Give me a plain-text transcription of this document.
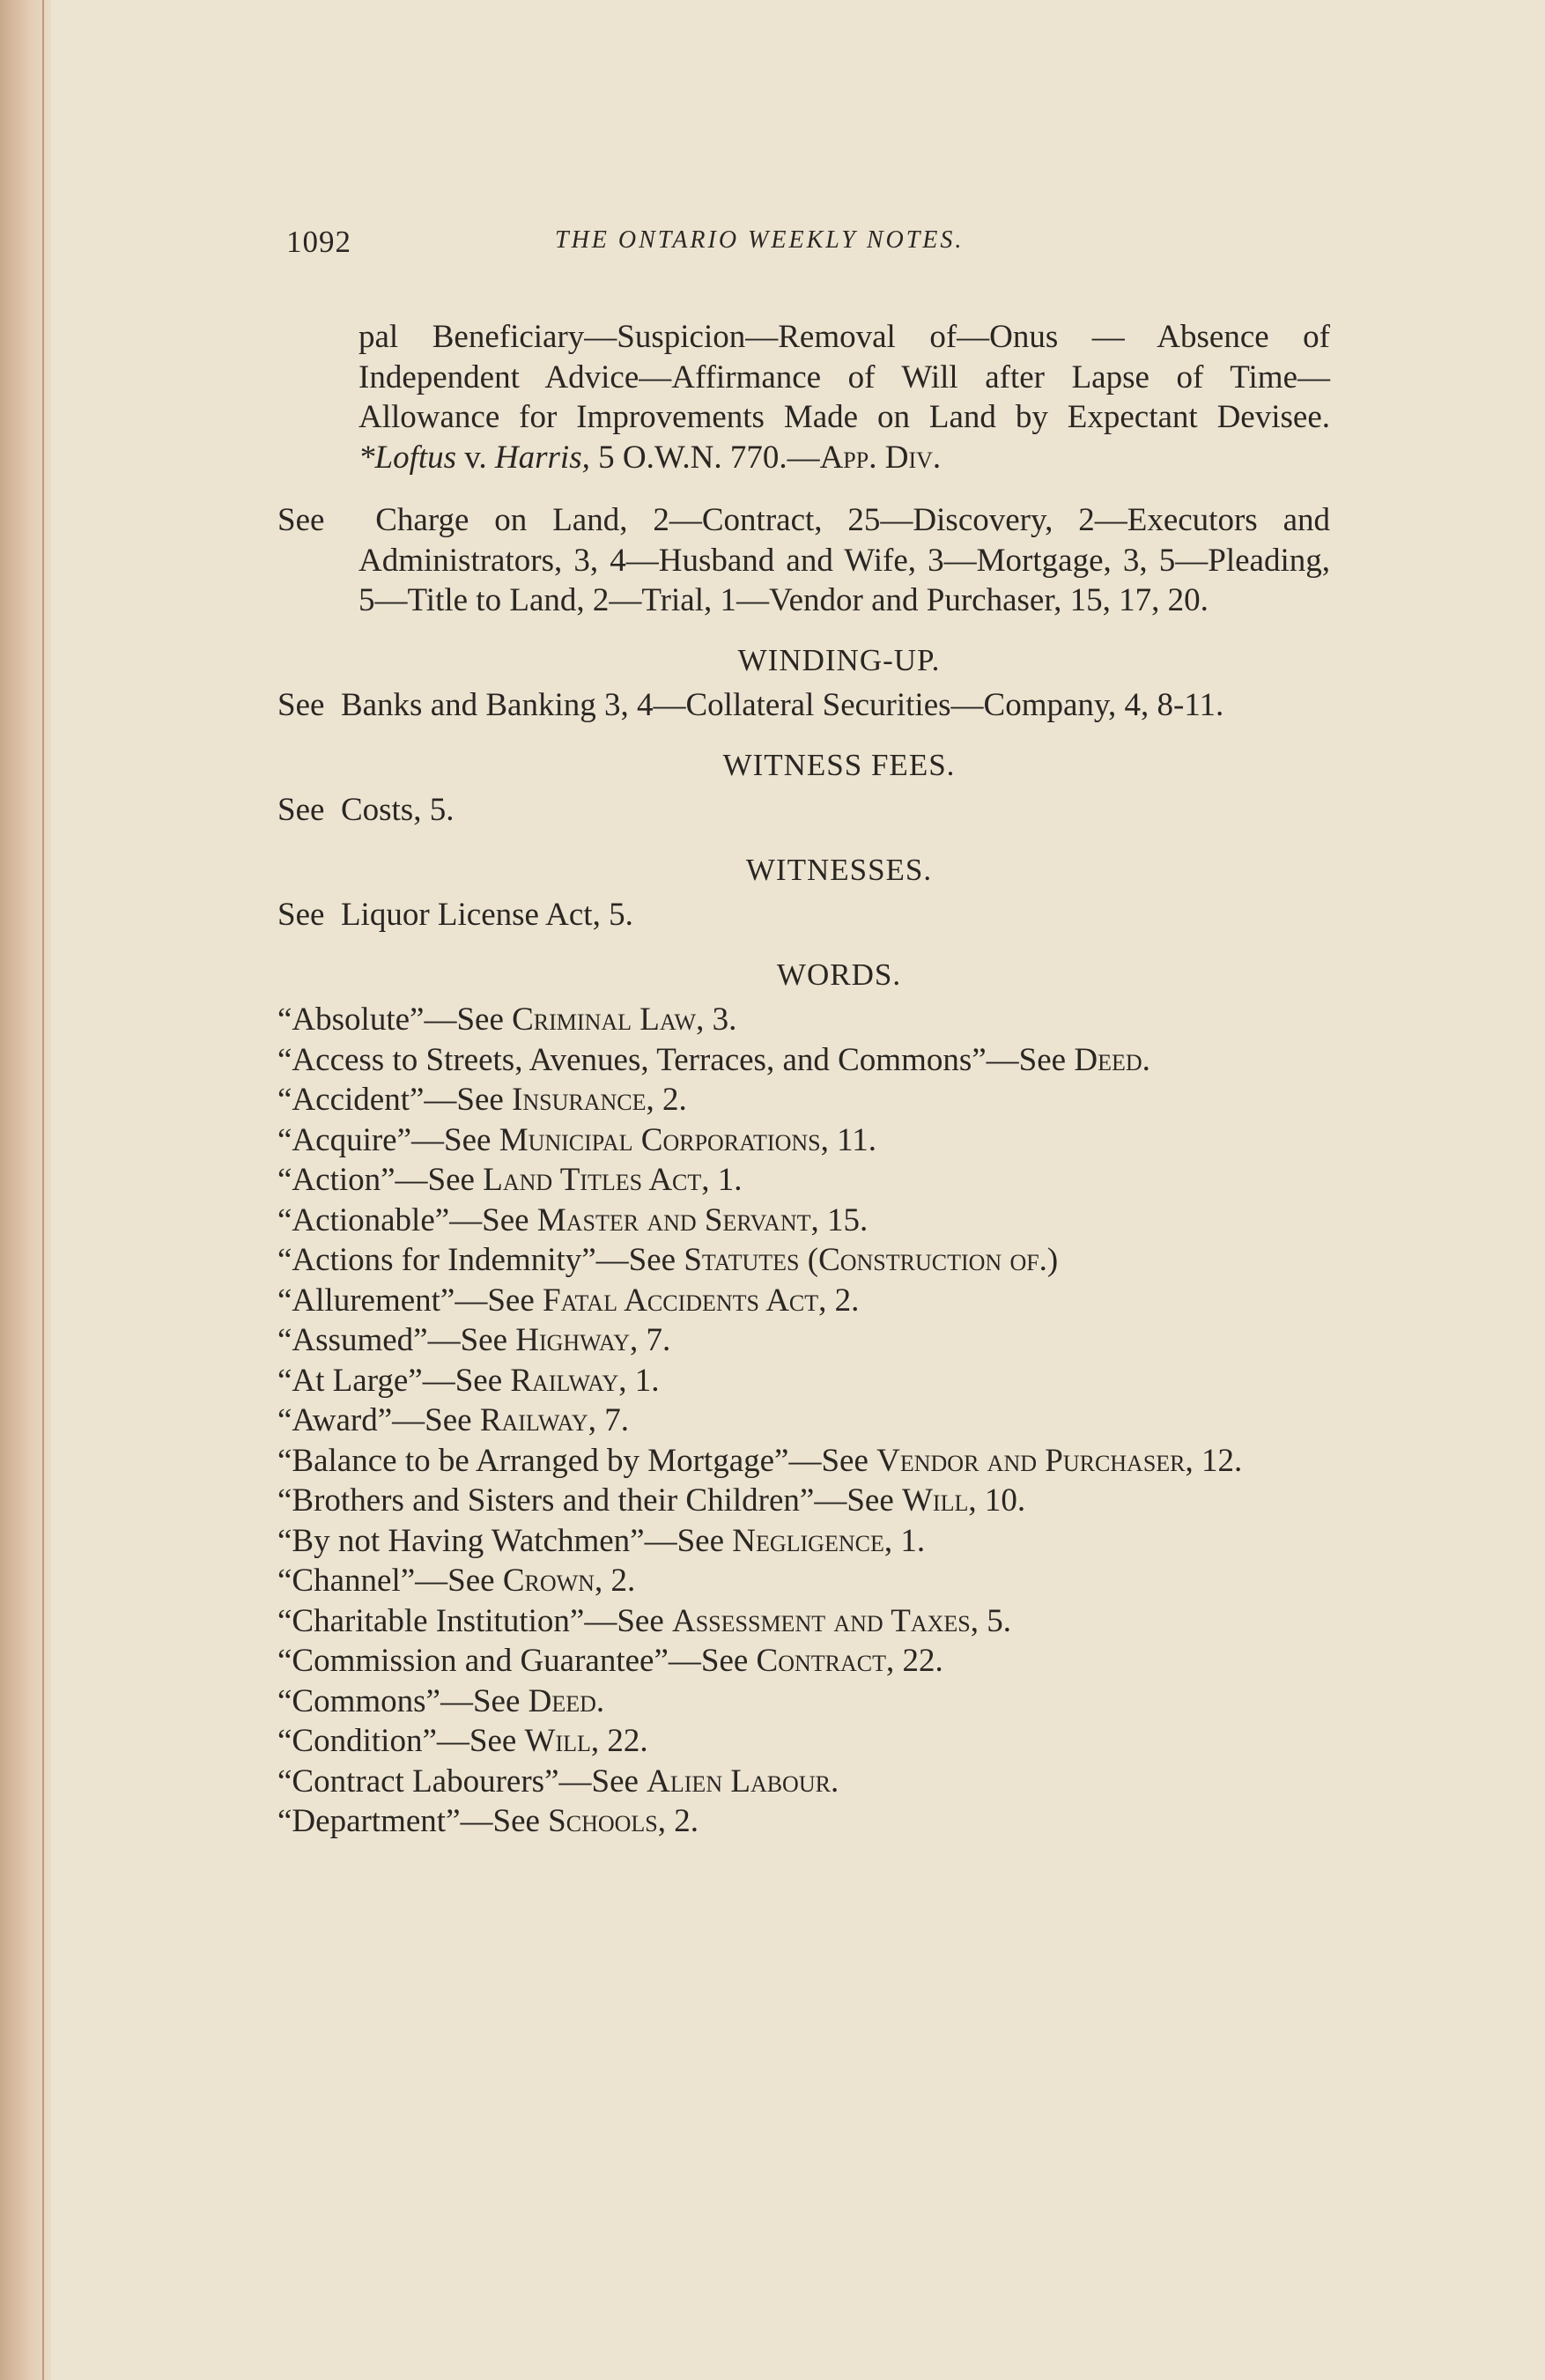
1092	THE ONTARIO WEEKLY NOTES.
pal Beneficiary—Suspicion—Removal of—Onus — Absence of Independent Advice—Affirmance of Will after Lapse of Time—Allowance for Improvements Made on Land by Expectant Devisee. *Loftus v. Harris, 5 O.W.N. 770.—App. Div.
See Charge on Land, 2—Contract, 25—Discovery, 2—Executors and Administrators, 3, 4—Husband and Wife, 3—Mortgage, 3, 5—Pleading, 5—Title to Land, 2—Trial, 1—Vendor and Purchaser, 15, 17, 20.
WINDING-UP.
See Banks and Banking 3, 4—Collateral Securities—Company, 4, 8-11.
WITNESS FEES.
See Costs, 5.
WITNESSES.
See Liquor License Act, 5.
WORDS.
“Absolute”—See Criminal Law, 3.
“Access to Streets, Avenues, Terraces, and Commons”—See Deed.
“Accident”—See Insurance, 2.
“Acquire”—See Municipal Corporations, 11.
“Action”—See Land Titles Act, 1.
“Actionable”—See Master and Servant, 15.
“Actions for Indemnity”—See Statutes (Construction of.)
“Allurement”—See Fatal Accidents Act, 2.
“Assumed”—See Highway, 7.
“At Large”—See Railway, 1.
“Award”—See Railway, 7.
“Balance to be Arranged by Mortgage”—See Vendor and Purchaser, 12.
“Brothers and Sisters and their Children”—See Will, 10.
“By not Having Watchmen”—See Negligence, 1.
“Channel”—See Crown, 2.
“Charitable Institution”—See Assessment and Taxes, 5.
“Commission and Guarantee”—See Contract, 22.
“Commons”—See Deed.
“Condition”—See Will, 22.
“Contract Labourers”—See Alien Labour.
“Department”—See Schools, 2.
